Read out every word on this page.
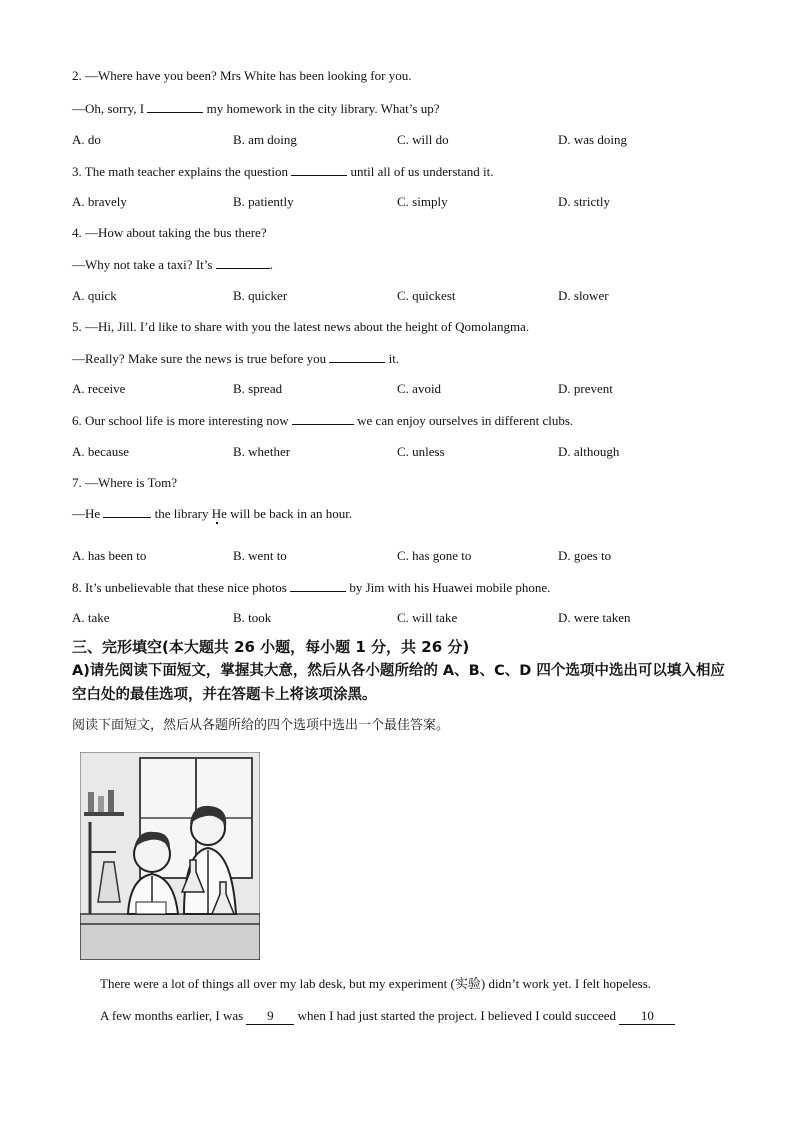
2. —Where have you been? Mrs White has been looking for you.
—Oh, sorry, I	my homework in the city library. What’s up?
A. do	B. am doing	C. will do	D. was doing
3. The math teacher explains the question	until all of us understand it.
A. bravely	B. patiently	C. simply	D. strictly
4. —How about taking the bus there?
—Why not take a taxi? It’s	.
A. quick	B. quicker	C. quickest	D. slower
5. —Hi, Jill. I’d like to share with you the latest news about the height of Qomolangma.
—Really? Make sure the news is true before you	it.
A. receive	B. spread	C. avoid	D. prevent
6. Our school life is more interesting now	we can enjoy ourselves in different clubs.
A. because	B. whether	C. unless	D. although
7. —Where is Tom?
—He	the library He will be back in an hour.
A. has been to	B. went to	C. has gone to	D. goes to
8. It’s unbelievable that these nice photos	by Jim with his Huawei mobile phone.
A. take	B. took	C. will take	D. were taken
三、完形填空(本大题共 26 小题，每小题 1 分，共 26 分)
A)请先阅读下面短文，掌握其大意，然后从各小题所给的 A、B、C、D 四个选项中选出可以填入相应空白处的最佳选项，并在答题卡上将该项涂黑。
阅读下面短文，然后从各题所给的四个选项中选出一个最佳答案。
There were a lot of things all over my lab desk, but my experiment (实验) didn’t work yet. I felt hopeless.
A few months earlier, I was 9 when I had just started the project. I believed I could succeed 10
